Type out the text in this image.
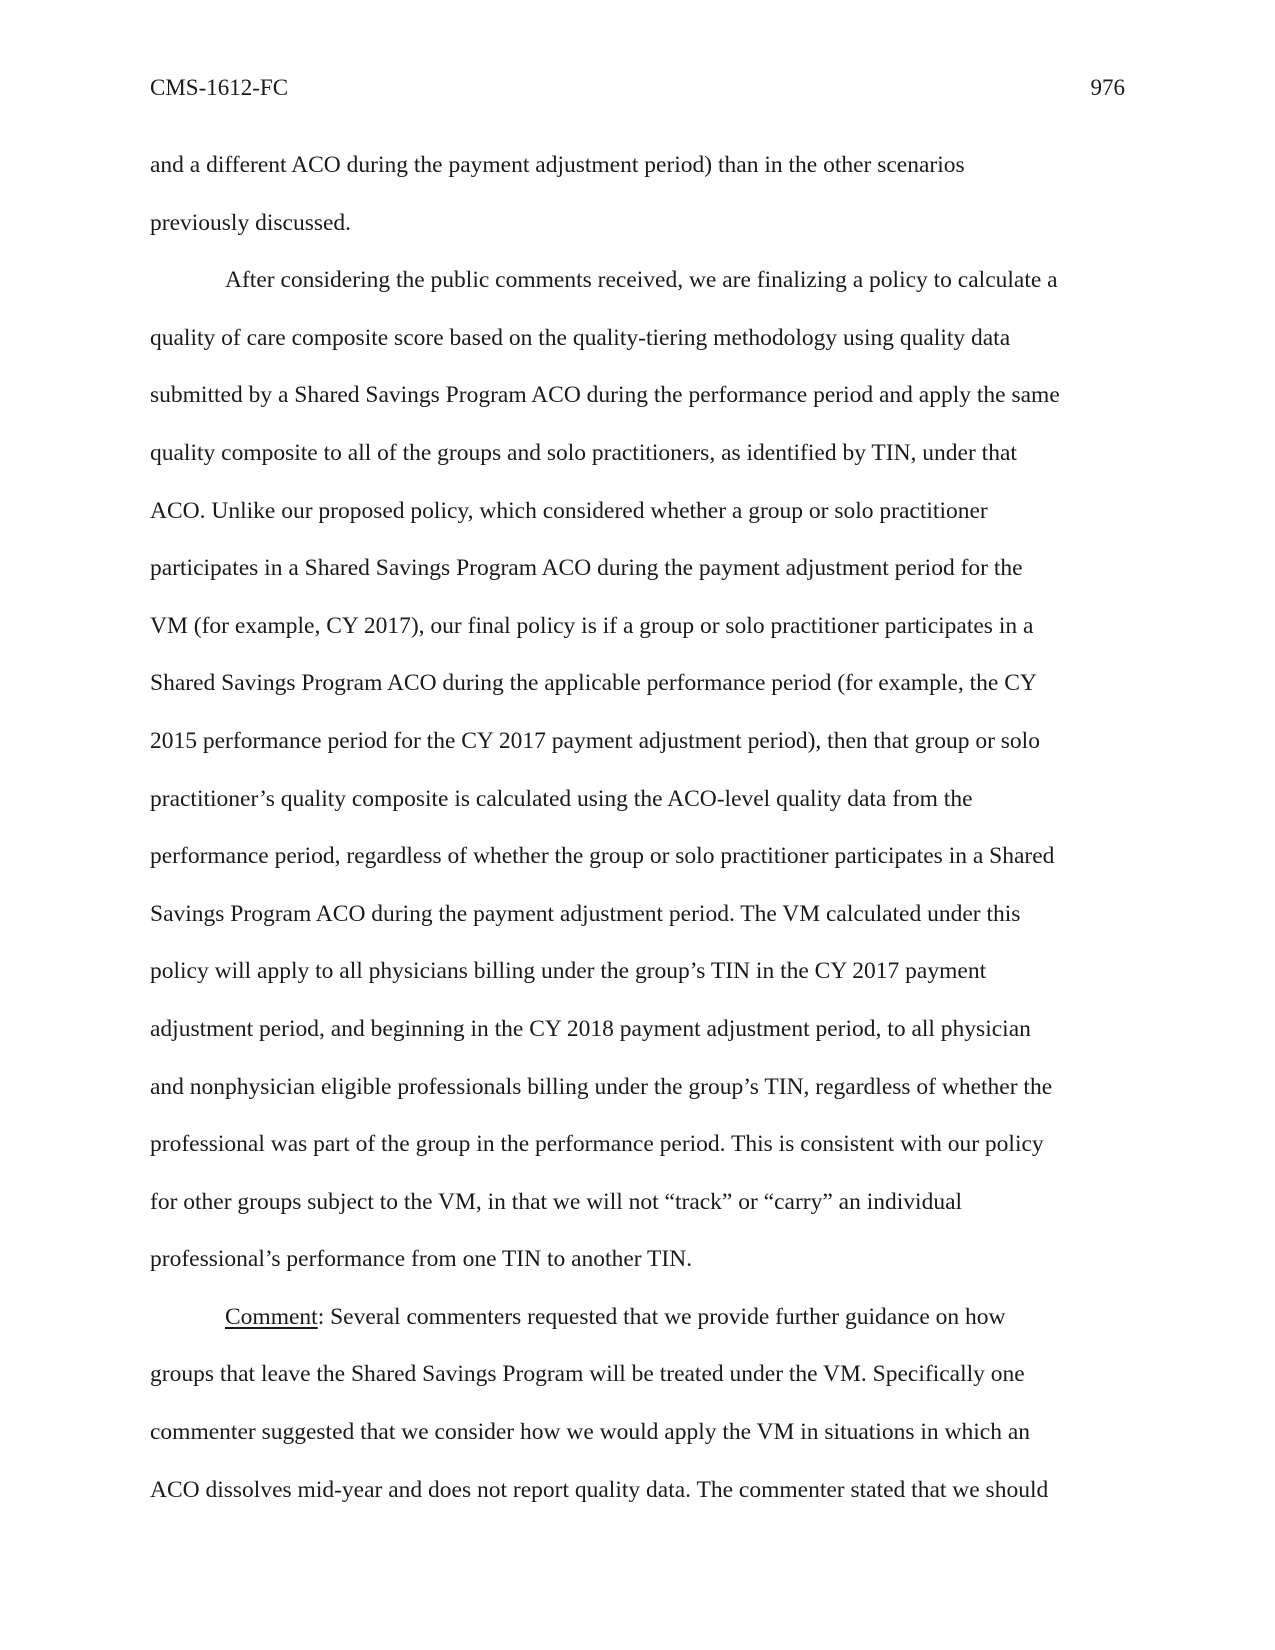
CMS-1612-FC	976
and a different ACO during the payment adjustment period) than in the other scenarios
previously discussed.
After considering the public comments received, we are finalizing a policy to calculate a
quality of care composite score based on the quality-tiering methodology using quality data
submitted by a Shared Savings Program ACO during the performance period and apply the same
quality composite to all of the groups and solo practitioners, as identified by TIN, under that
ACO. Unlike our proposed policy, which considered whether a group or solo practitioner
participates in a Shared Savings Program ACO during the payment adjustment period for the
VM (for example, CY 2017), our final policy is if a group or solo practitioner participates in a
Shared Savings Program ACO during the applicable performance period (for example, the CY
2015 performance period for the CY 2017 payment adjustment period), then that group or solo
practitioner’s quality composite is calculated using the ACO-level quality data from the
performance period, regardless of whether the group or solo practitioner participates in a Shared
Savings Program ACO during the payment adjustment period. The VM calculated under this
policy will apply to all physicians billing under the group’s TIN in the CY 2017 payment
adjustment period, and beginning in the CY 2018 payment adjustment period, to all physician
and nonphysician eligible professionals billing under the group’s TIN, regardless of whether the
professional was part of the group in the performance period. This is consistent with our policy
for other groups subject to the VM, in that we will not “track” or “carry” an individual
professional’s performance from one TIN to another TIN.
Comment: Several commenters requested that we provide further guidance on how
groups that leave the Shared Savings Program will be treated under the VM. Specifically one
commenter suggested that we consider how we would apply the VM in situations in which an
ACO dissolves mid-year and does not report quality data. The commenter stated that we should
